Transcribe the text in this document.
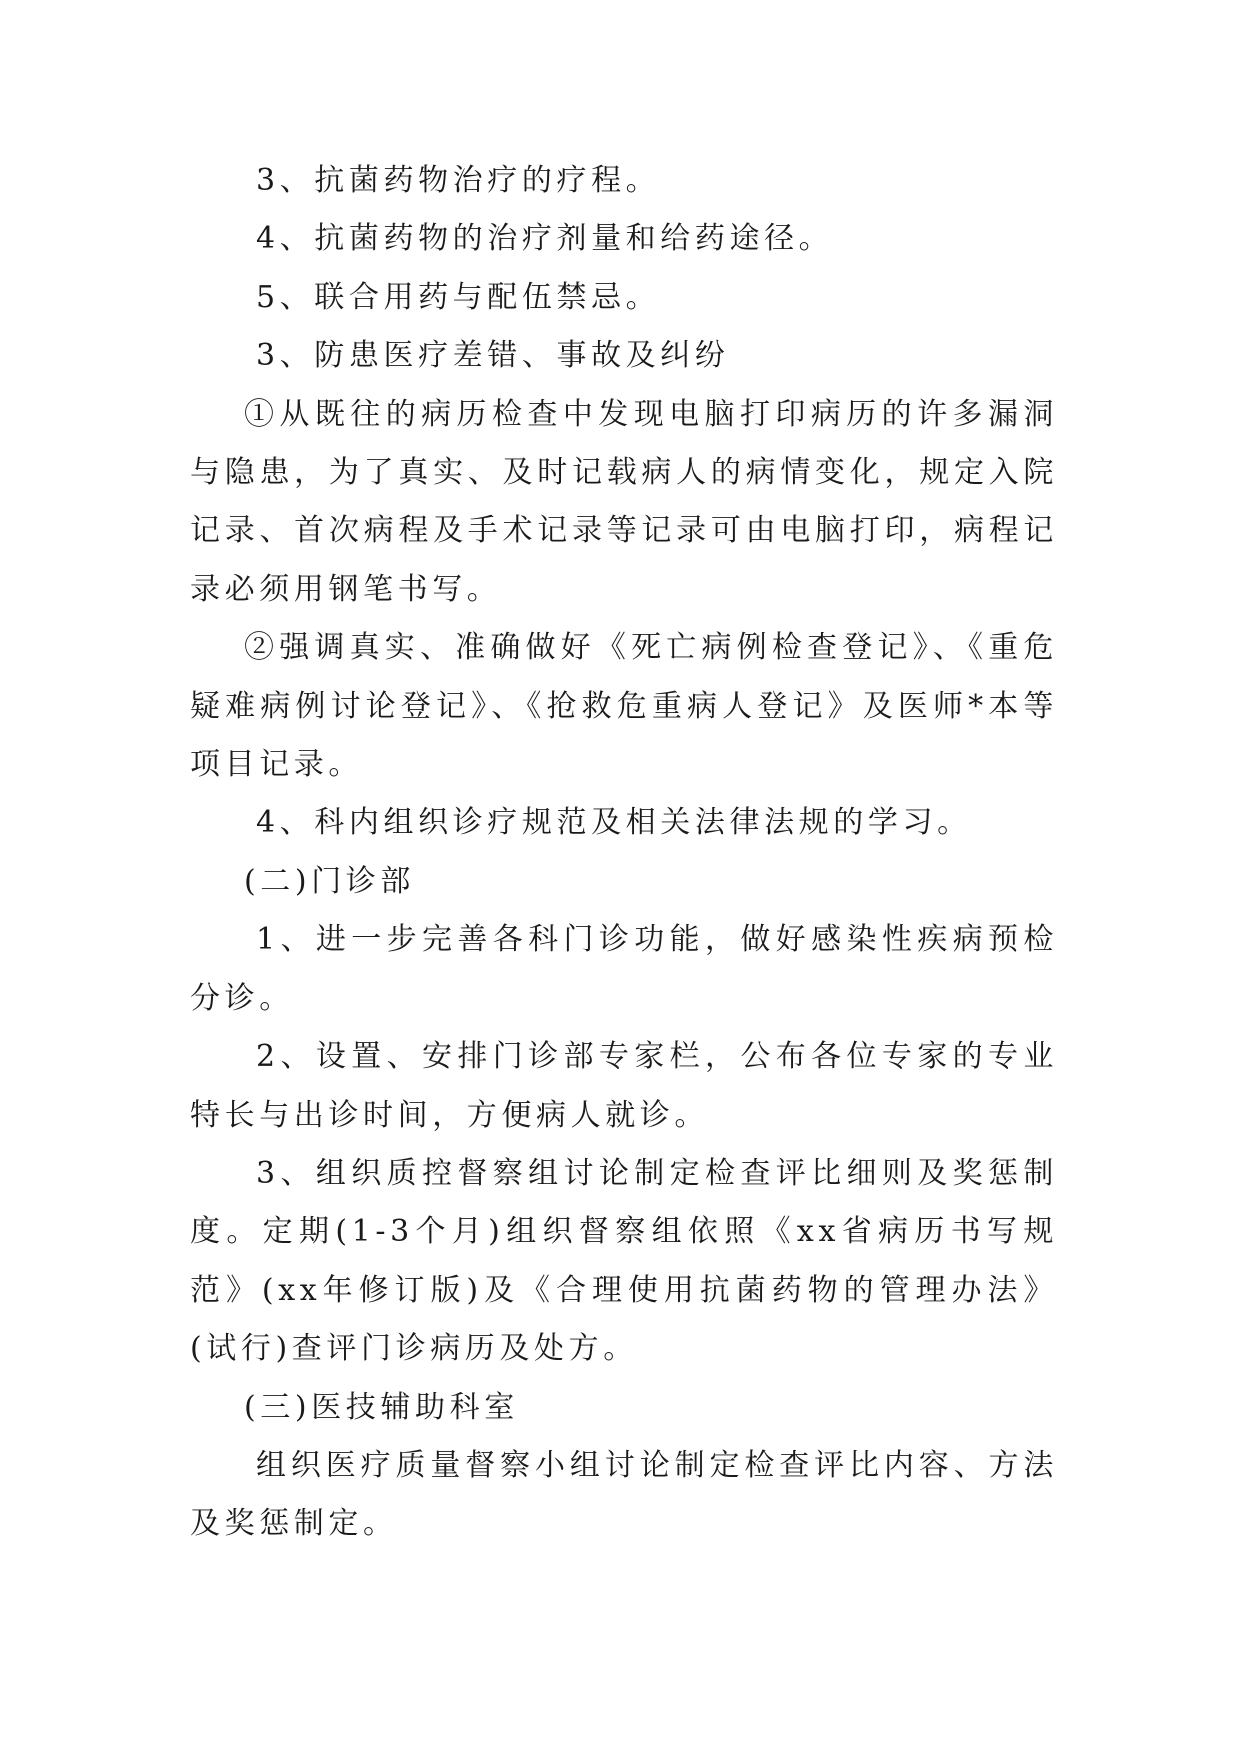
3、抗菌药物治疗的疗程。

4、抗菌药物的治疗剂量和给药途径。

5、联合用药与配伍禁忌。

3、防患医疗差错、事故及纠纷

①从既往的病历检查中发现电脑打印病历的许多漏洞与隐患，为了真实、及时记载病人的病情变化，规定入院记录、首次病程及手术记录等记录可由电脑打印，病程记录必须用钢笔书写。

②强调真实、准确做好《死亡病例检查登记》、《重危疑难病例讨论登记》、《抢救危重病人登记》及医师*本等项目记录。

4、科内组织诊疗规范及相关法律法规的学习。

(二)门诊部

1、进一步完善各科门诊功能，做好感染性疾病预检分诊。

2、设置、安排门诊部专家栏，公布各位专家的专业特长与出诊时间，方便病人就诊。

3、组织质控督察组讨论制定检查评比细则及奖惩制度。定期(1-3个月)组织督察组依照《xx省病历书写规范》(xx年修订版)及《合理使用抗菌药物的管理办法》(试行)查评门诊病历及处方。

(三)医技辅助科室

组织医疗质量督察小组讨论制定检查评比内容、方法及奖惩制定。
